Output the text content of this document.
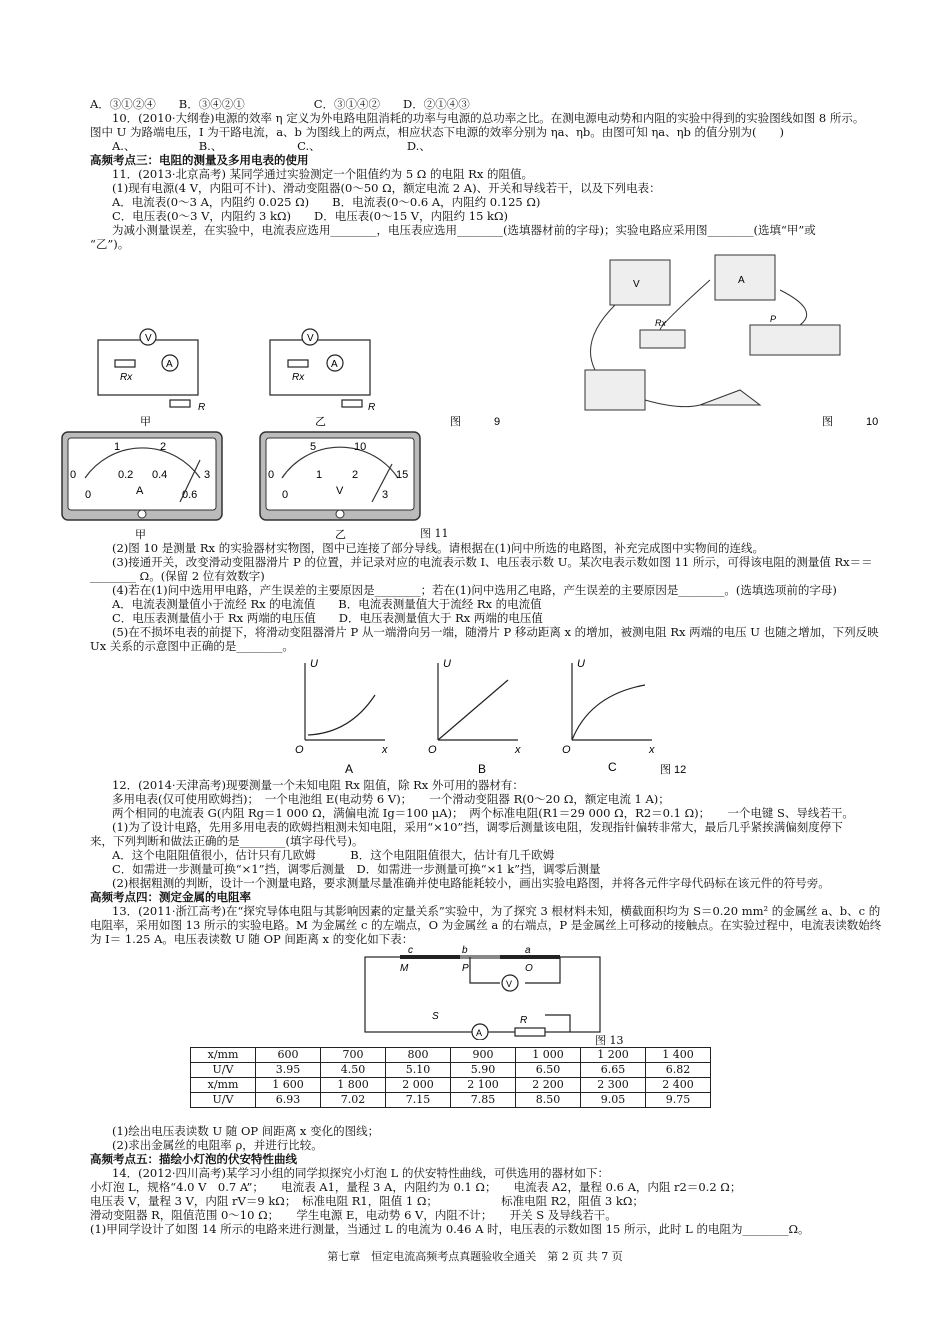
A．③①②④　　B．③④②①　　　　　　C．③①④②　　D．②①④③
10．(2010·大纲卷)电源的效率 η 定义为外电路电阻消耗的功率与电源的总功率之比。在测电源电动势和内阻的实验中得到的实验图线如图 8 所示。
图中 U 为路端电压，I 为干路电流，a、b 为图线上的两点，相应状态下电源的效率分别为 ηa、ηb。由图可知 ηa、ηb 的值分别为(　　)
A.、　　　　　　B.、　　　　　　　C.、　　　　　　　　D.、
高频考点三：电阻的测量及多用电表的使用
11．(2013·北京高考) 某同学通过实验测定一个阻值约为 5 Ω 的电阻 Rx 的阻值。
(1)现有电源(4 V，内阻可不计)、滑动变阻器(0～50 Ω，额定电流 2 A)、开关和导线若干，以及下列电表：
A．电流表(0～3 A，内阻约 0.025 Ω)　　B．电流表(0～0.6 A，内阻约 0.125 Ω)
C．电压表(0～3 V，内阻约 3 kΩ)　　D．电压表(0～15 V，内阻约 15 kΩ)
为减小测量误差，在实验中，电流表应选用________，电压表应选用________(选填器材前的字母)；实验电路应采用图________(选填“甲”或
“乙”)。
V
A
Rx
R
甲
V
A
Rx
R
乙	图　　　9
V	A
Rx	P
图　　　10
0
1	2
3
0
0.2 0.4
0.6
A
0
5	10
15
0
1	2
3
V
甲	乙	图 11
(2)图 10 是测量 Rx 的实验器材实物图，图中已连接了部分导线。请根据在(1)问中所选的电路图，补充完成图中实物间的连线。
(3)接通开关，改变滑动变阻器滑片 P 的位置，并记录对应的电流表示数 I、电压表示数 U。某次电表示数如图 11 所示，可得该电阻的测量值 Rx＝＝
________ Ω。(保留 2 位有效数字)
(4)若在(1)问中选用甲电路，产生误差的主要原因是________；若在(1)问中选用乙电路，产生误差的主要原因是________。(选填选项前的字母)
A．电流表测量值小于流经 Rx 的电流值　　B．电流表测量值大于流经 Rx 的电流值
C．电压表测量值小于 Rx 两端的电压值　　D．电压表测量值大于 Rx 两端的电压值
(5)在不损坏电表的前提下，将滑动变阻器滑片 P 从一端滑向另一端，随滑片 P 移动距离 x 的增加，被测电阻 Rx 两端的电压 U 也随之增加，下列反映
Ux 关系的示意图中正确的是________。
U
O	x
U
O	x
U
O	x
A	B	C	图 12
12．(2014·天津高考)现要测量一个未知电阻 Rx 阻值，除 Rx 外可用的器材有：
多用电表(仅可使用欧姆挡)；　一个电池组 E(电动势 6 V)；　　一个滑动变阻器 R(0～20 Ω，额定电流 1 A)；
两个相同的电流表 G(内阻 Rg＝1 000 Ω，满偏电流 Ig＝100 μA)；　两个标准电阻(R1＝29 000 Ω，R2＝0.1 Ω)；　　一个电键 S、导线若干。
(1)为了设计电路，先用多用电表的欧姆挡粗测未知电阻，采用“×10”挡，调零后测量该电阻，发现指针偏转非常大，最后几乎紧挨满偏刻度停下
来，下列判断和做法正确的是________(填字母代号)。
A．这个电阻阻值很小，估计只有几欧姆　　　B．这个电阻阻值很大，估计有几千欧姆
C．如需进一步测量可换“×1”挡，调零后测量　D．如需进一步测量可换“×1 k”挡，调零后测量
(2)根据粗测的判断，设计一个测量电路，要求测量尽量准确并使电路能耗较小，画出实验电路图，并将各元件字母代码标在该元件的符号旁。
高频考点四：测定金属的电阻率
13．(2011·浙江高考)在“探究导体电阻与其影响因素的定量关系”实验中，为了探究 3 根材料未知，横截面积均为 S＝0.20 mm² 的金属丝 a、b、c 的
电阻率，采用如图 13 所示的实验电路。M 为金属丝 c 的左端点，O 为金属丝 a 的右端点，P 是金属丝上可移动的接触点。在实验过程中，电流表读数始终
为 I＝ 1.25 A。电压表读数 U 随 OP 间距离 x 的变化如下表：
c	b	a
M	P	O
S	R
V
A
图 13
x/mm	600	700	800	900	1 000	1 200	1 400
U/V	3.95	4.50	5.10	5.90	6.50	6.65	6.82
x/mm	1 600	1 800	2 000	2 100	2 200	2 300	2 400
U/V	6.93	7.02	7.15	7.85	8.50	9.05	9.75
(1)绘出电压表读数 U 随 OP 间距离 x 变化的图线；
(2)求出金属丝的电阻率 ρ，并进行比较。
高频考点五：描绘小灯泡的伏安特性曲线
14．(2012·四川高考)某学习小组的同学拟探究小灯泡 L 的伏安特性曲线，可供选用的器材如下：
小灯泡 L，规格“4.0 V　0.7 A”；　　电流表 A1，量程 3 A，内阻约为 0.1 Ω；　　电流表 A2，量程 0.6 A，内阻 r2＝0.2 Ω；
电压表 V，量程 3 V，内阻 rV＝9 kΩ；　标准电阻 R1，阻值 1 Ω；　　　　　　标准电阻 R2，阻值 3 kΩ；
滑动变阻器 R，阻值范围 0～10 Ω；　　学生电源 E，电动势 6 V，内阻不计；　　开关 S 及导线若干。
(1)甲同学设计了如图 14 所示的电路来进行测量，当通过 L 的电流为 0.46 A 时，电压表的示数如图 15 所示，此时 L 的电阻为________Ω。
第七章　恒定电流高频考点真题验收全通关　第 2 页 共 7 页
